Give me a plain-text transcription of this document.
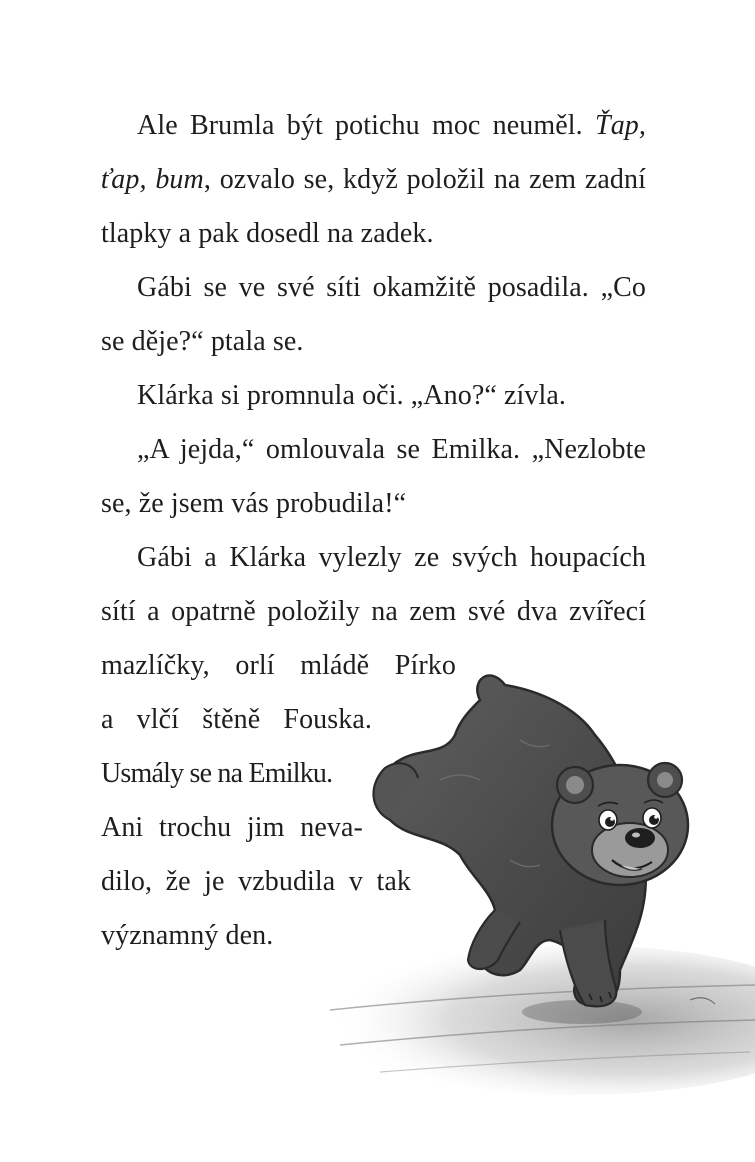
Ale Brumla být potichu moc neuměl. Ťap,
ťap, bum, ozvalo se, když položil na zem zadní
tlapky a pak dosedl na zadek.
Gábi se ve své síti okamžitě posadila. „Co
se děje?“ ptala se.
Klárka si promnula oči. „Ano?“ zívla.
„A jejda,“ omlouvala se Emilka. „Nezlobte
se, že jsem vás probudila!“
Gábi a Klárka vylezly ze svých houpacích
sítí a opatrně položily na zem své dva zvířecí
mazlíčky, orlí mládě Pírko
a vlčí štěně Fouska.
Usmály se na Emilku.
Ani trochu jim neva-
dilo, že je vzbudila v tak
významný den.
